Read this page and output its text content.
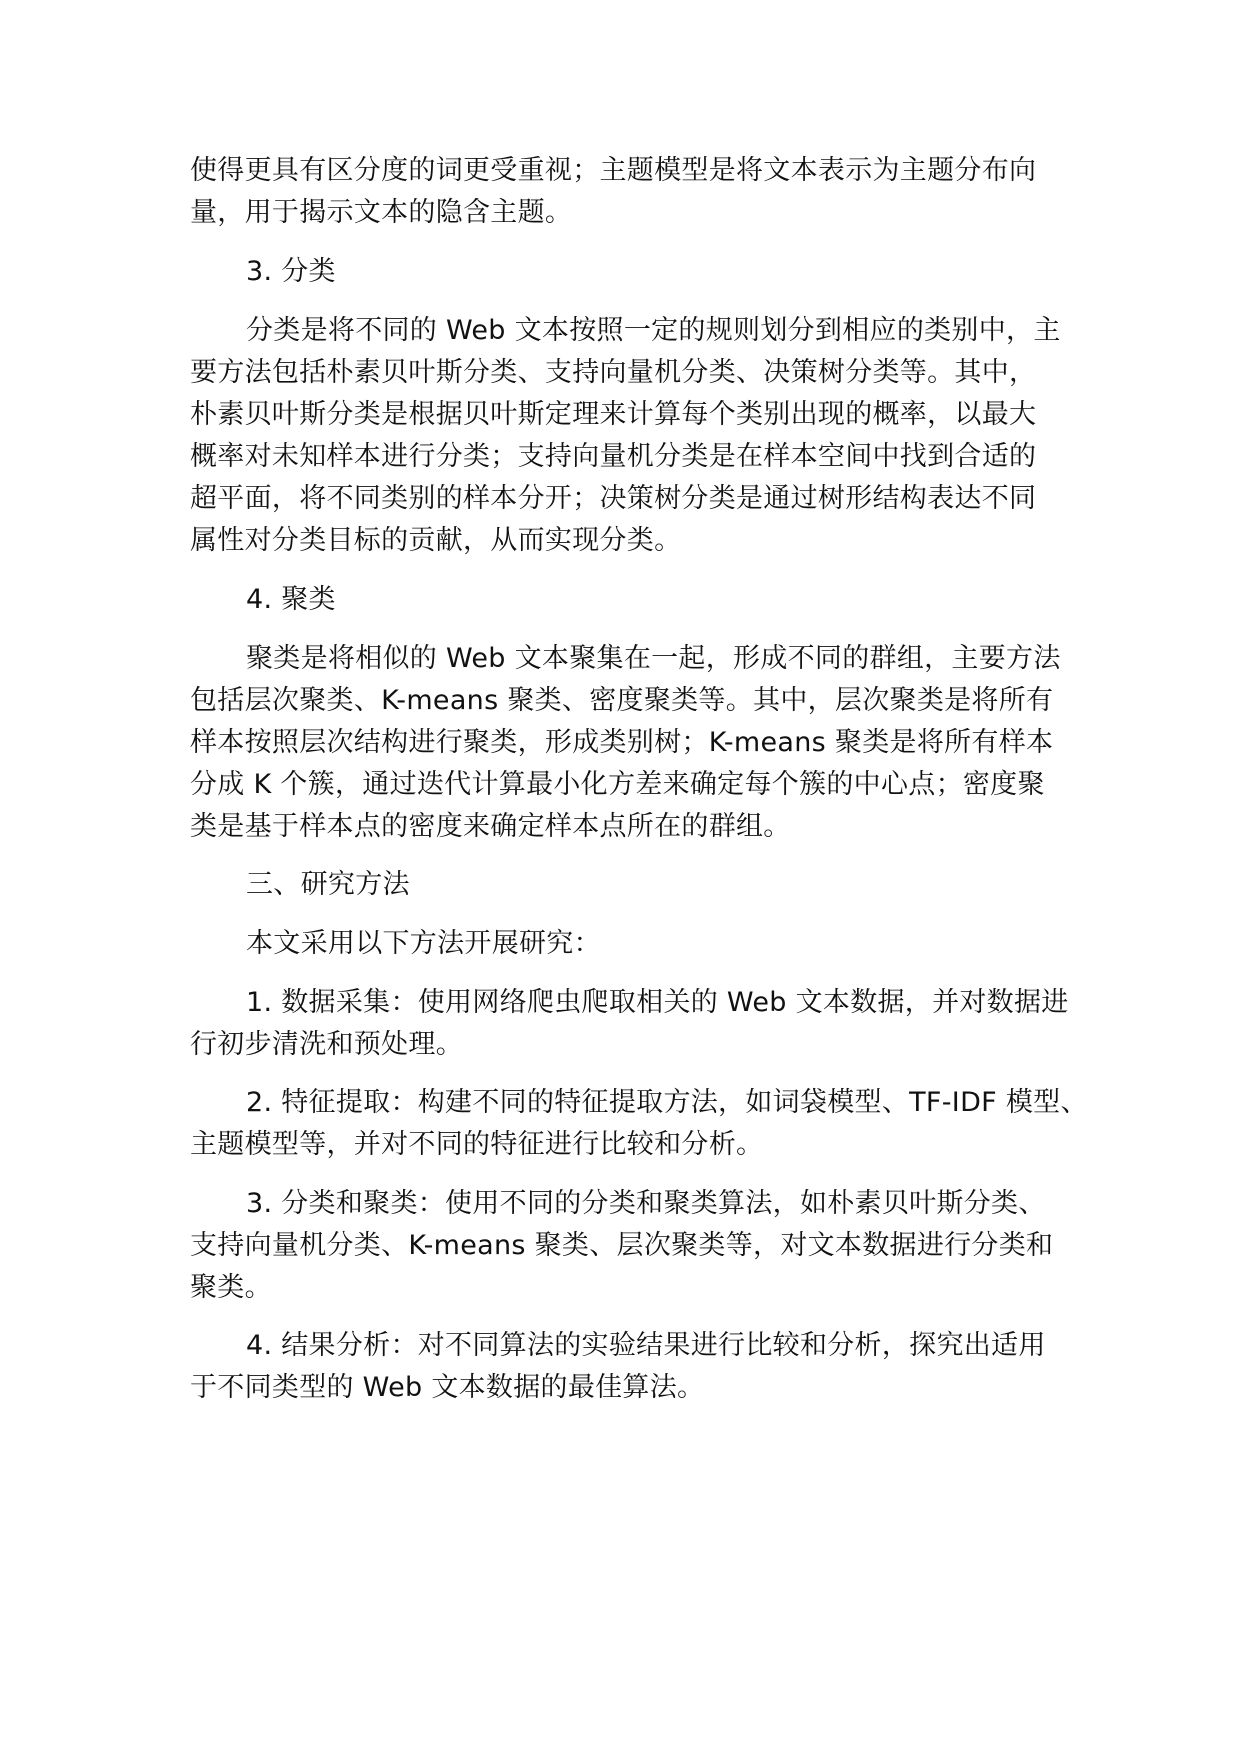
使得更具有区分度的词更受重视；主题模型是将文本表示为主题分布向
量，用于揭示文本的隐含主题。
3. 分类
分类是将不同的 Web 文本按照一定的规则划分到相应的类别中，主
要方法包括朴素贝叶斯分类、支持向量机分类、决策树分类等。其中，
朴素贝叶斯分类是根据贝叶斯定理来计算每个类别出现的概率，以最大
概率对未知样本进行分类；支持向量机分类是在样本空间中找到合适的
超平面，将不同类别的样本分开；决策树分类是通过树形结构表达不同
属性对分类目标的贡献，从而实现分类。
4. 聚类
聚类是将相似的 Web 文本聚集在一起，形成不同的群组，主要方法
包括层次聚类、K-means 聚类、密度聚类等。其中，层次聚类是将所有
样本按照层次结构进行聚类，形成类别树；K-means 聚类是将所有样本
分成 K 个簇，通过迭代计算最小化方差来确定每个簇的中心点；密度聚
类是基于样本点的密度来确定样本点所在的群组。
三、研究方法
本文采用以下方法开展研究：
1. 数据采集：使用网络爬虫爬取相关的 Web 文本数据，并对数据进
行初步清洗和预处理。
2. 特征提取：构建不同的特征提取方法，如词袋模型、TF-IDF 模型、
主题模型等，并对不同的特征进行比较和分析。
3. 分类和聚类：使用不同的分类和聚类算法，如朴素贝叶斯分类、
支持向量机分类、K-means 聚类、层次聚类等，对文本数据进行分类和
聚类。
4. 结果分析：对不同算法的实验结果进行比较和分析，探究出适用
于不同类型的 Web 文本数据的最佳算法。
